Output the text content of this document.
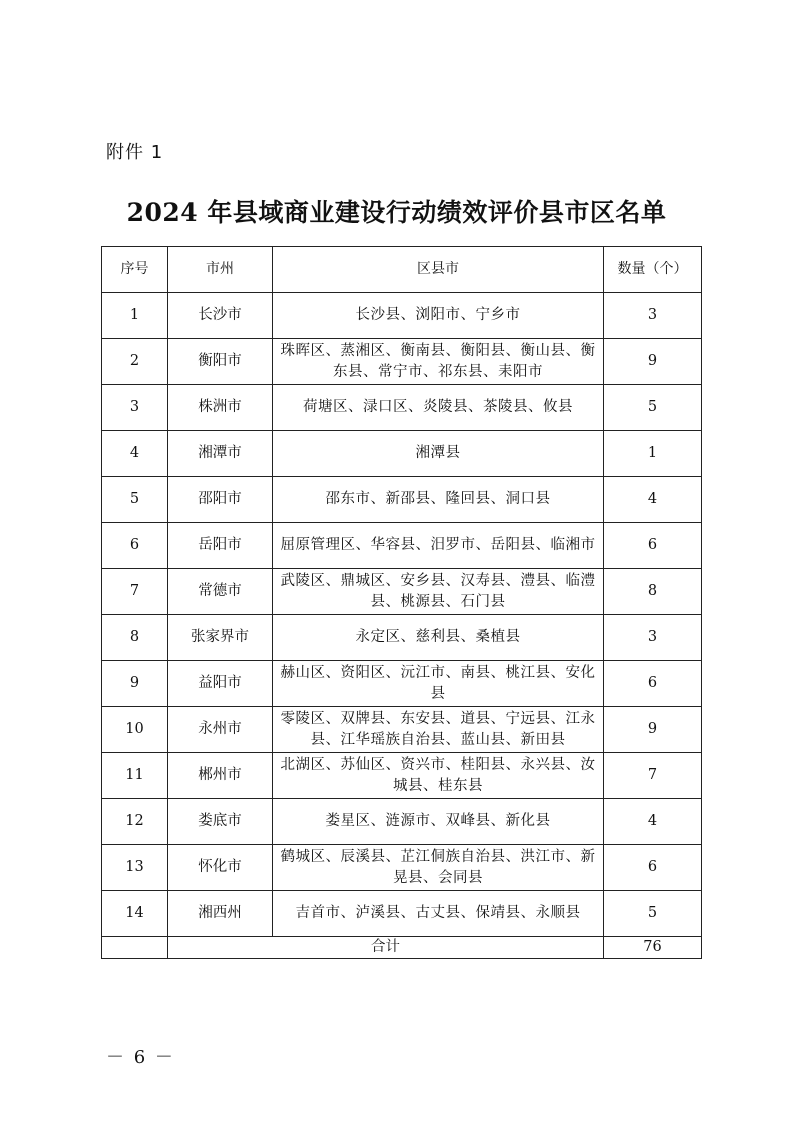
附件 1
2024 年县域商业建设行动绩效评价县市区名单
序号	市州	区县市	数量（个）
1	长沙市	长沙县、浏阳市、宁乡市	3
2	衡阳市	珠晖区、蒸湘区、衡南县、衡阳县、衡山县、衡东县、常宁市、祁东县、耒阳市	9
3	株洲市	荷塘区、渌口区、炎陵县、茶陵县、攸县	5
4	湘潭市	湘潭县	1
5	邵阳市	邵东市、新邵县、隆回县、洞口县	4
6	岳阳市	屈原管理区、华容县、汨罗市、岳阳县、临湘市	6
7	常德市	武陵区、鼎城区、安乡县、汉寿县、澧县、临澧县、桃源县、石门县	8
8	张家界市	永定区、慈利县、桑植县	3
9	益阳市	赫山区、资阳区、沅江市、南县、桃江县、安化县	6
10	永州市	零陵区、双牌县、东安县、道县、宁远县、江永县、江华瑶族自治县、蓝山县、新田县	9
11	郴州市	北湖区、苏仙区、资兴市、桂阳县、永兴县、汝城县、桂东县	7
12	娄底市	娄星区、涟源市、双峰县、新化县	4
13	怀化市	鹤城区、辰溪县、芷江侗族自治县、洪江市、新晃县、会同县	6
14	湘西州	吉首市、泸溪县、古丈县、保靖县、永顺县	5
	合计		76
－ 6 －
